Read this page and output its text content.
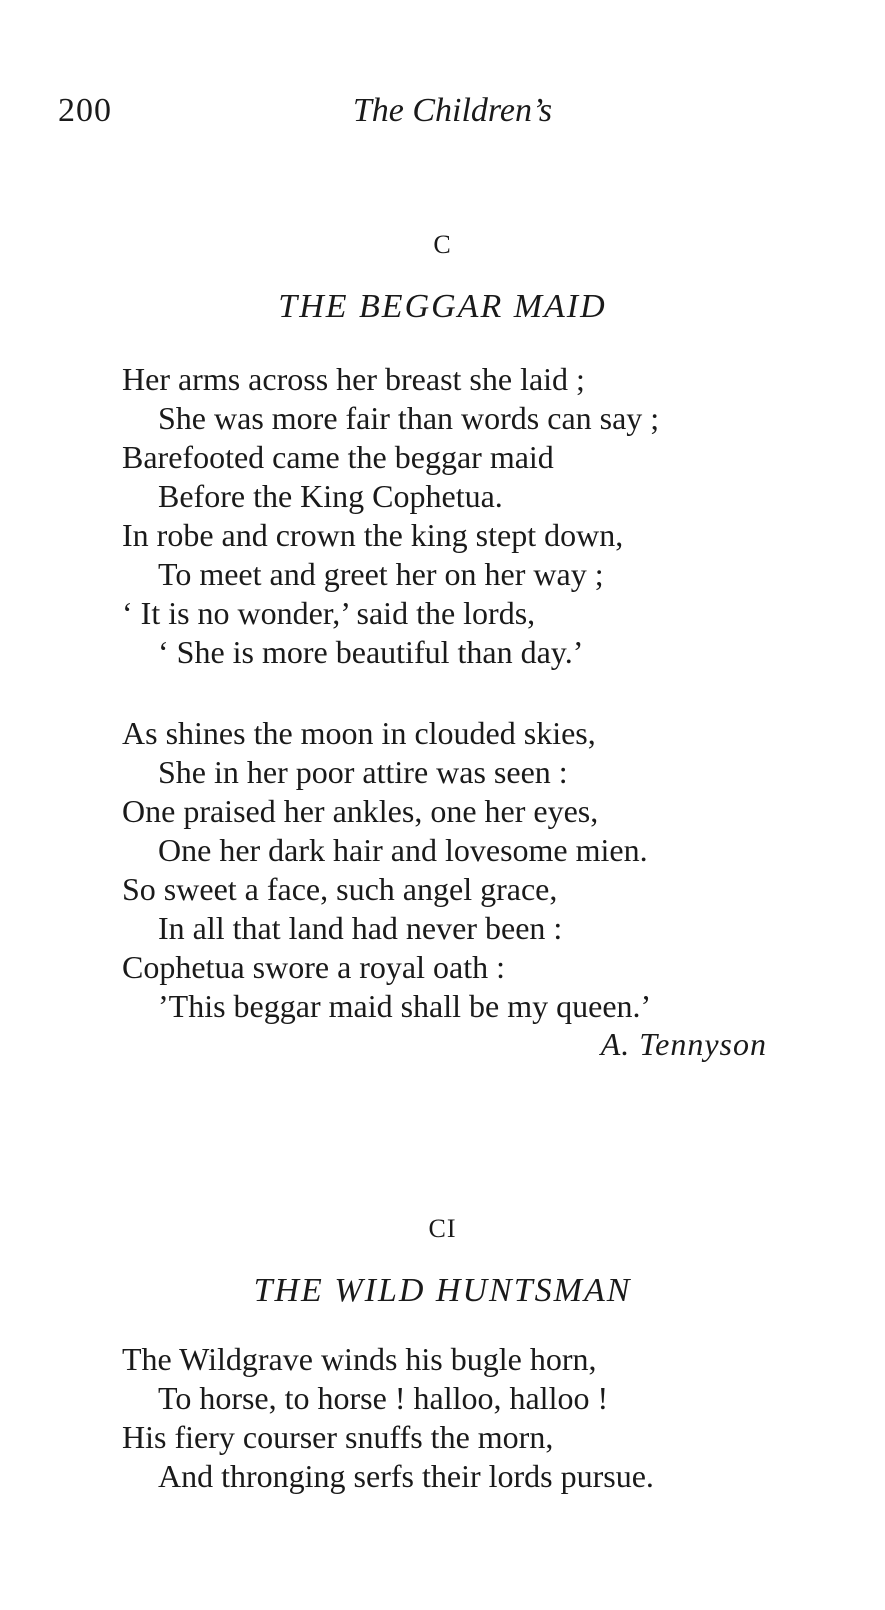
200	The Children’s
C
THE BEGGAR MAID
Her arms across her breast she laid ;
She was more fair than words can say ;
Barefooted came the beggar maid
Before the King Cophetua.
In robe and crown the king stept down,
To meet and greet her on her way ;
‘ It is no wonder,’ said the lords,
‘ She is more beautiful than day.’
As shines the moon in clouded skies,
She in her poor attire was seen :
One praised her ankles, one her eyes,
One her dark hair and lovesome mien.
So sweet a face, such angel grace,
In all that land had never been :
Cophetua swore a royal oath :
’This beggar maid shall be my queen.’
A. Tennyson
CI
THE WILD HUNTSMAN
The Wildgrave winds his bugle horn,
To horse, to horse ! halloo, halloo !
His fiery courser snuffs the morn,
And thronging serfs their lords pursue.
